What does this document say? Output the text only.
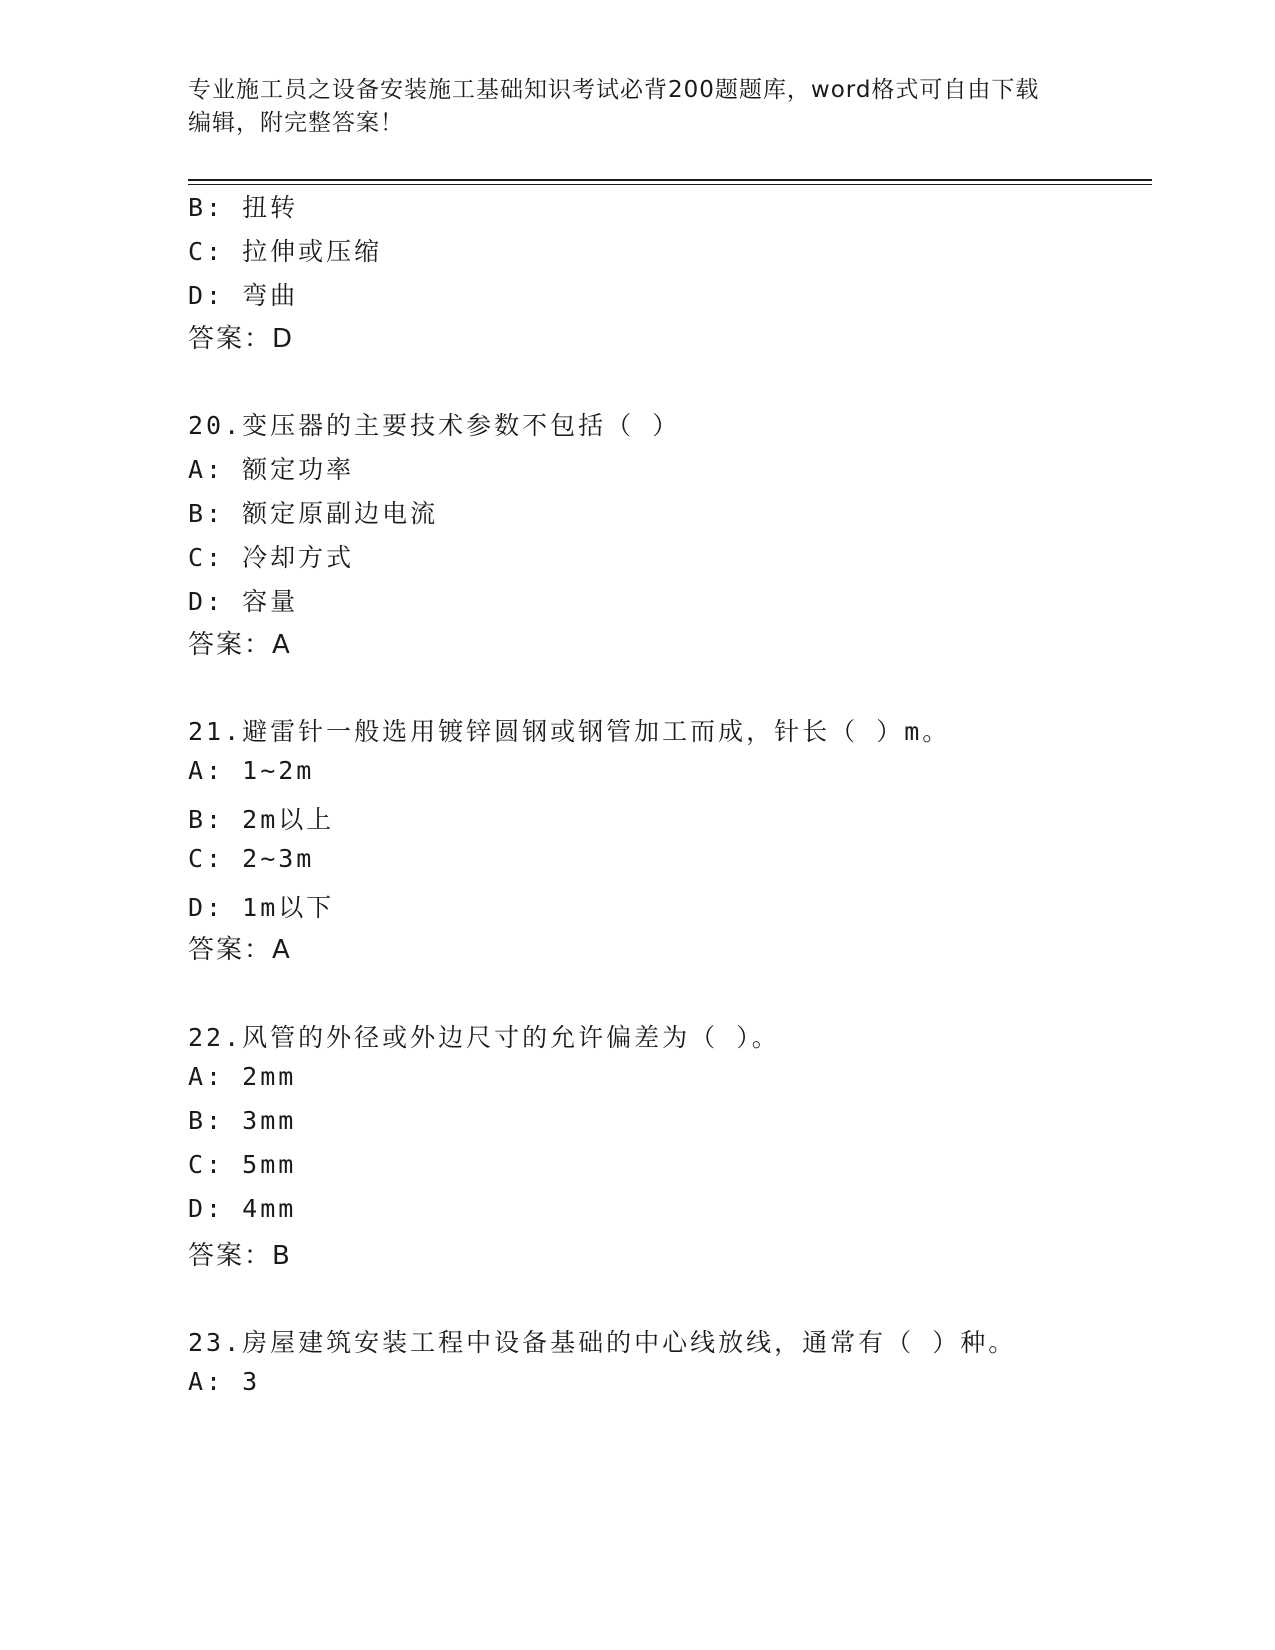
专业施工员之设备安装施工基础知识考试必背200题题库，word格式可自由下载
编辑，附完整答案！
B: 扭转
C: 拉伸或压缩
D: 弯曲
答案：D
20.变压器的主要技术参数不包括（ ）
A: 额定功率
B: 额定原副边电流
C: 冷却方式
D: 容量
答案：A
21.避雷针一般选用镀锌圆钢或钢管加工而成，针长（ ）m。
A: 1~2m
B: 2m以上
C: 2~3m
D: 1m以下
答案：A
22.风管的外径或外边尺寸的允许偏差为（ ）。
A: 2mm
B: 3mm
C: 5mm
D: 4mm
答案：B
23.房屋建筑安装工程中设备基础的中心线放线，通常有（ ）种。
A: 3
